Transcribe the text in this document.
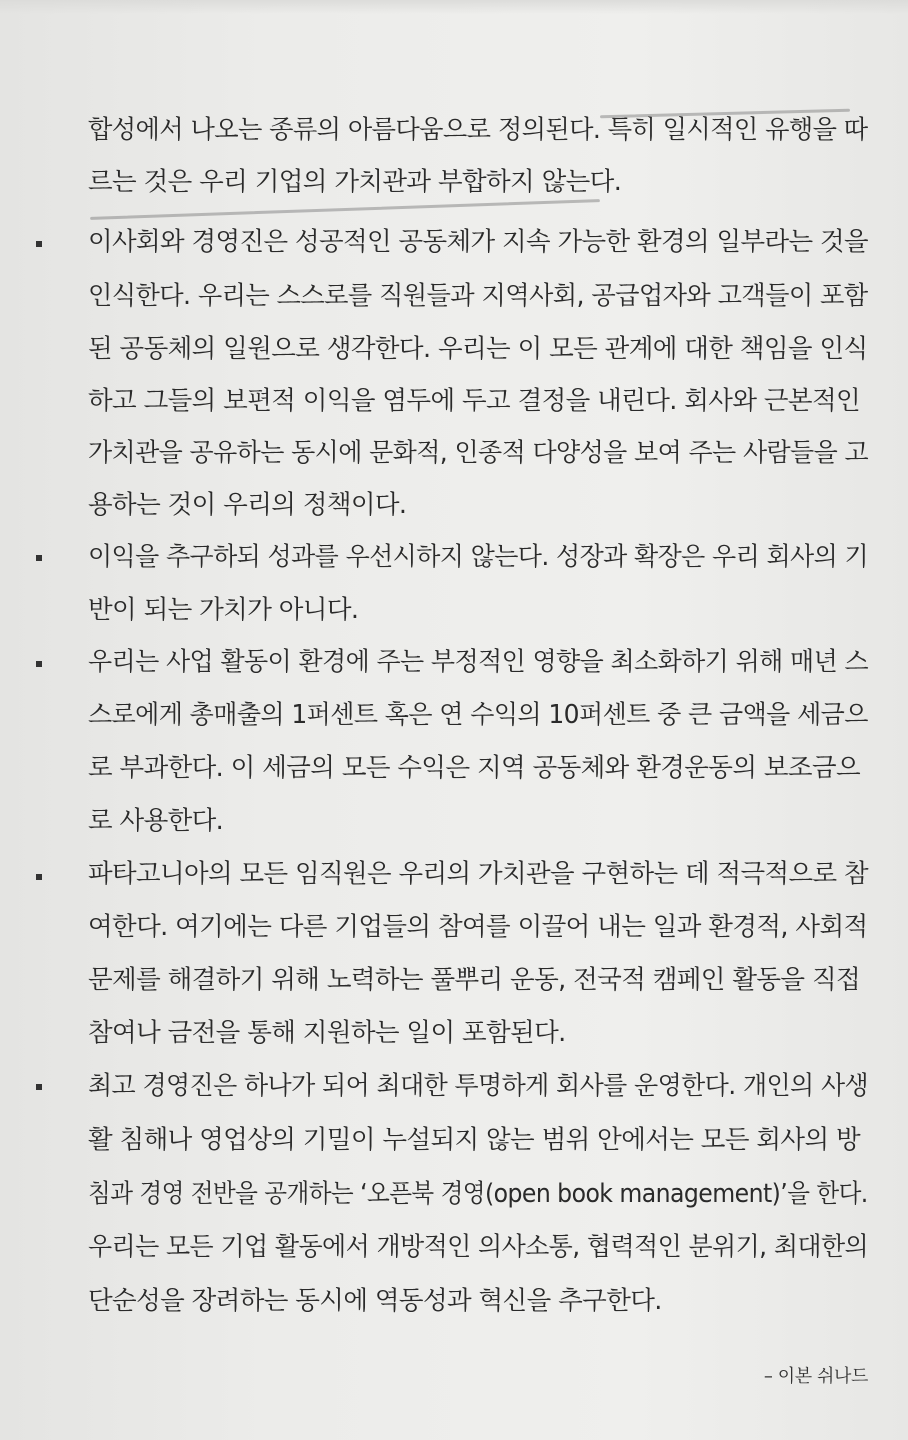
합성에서 나오는 종류의 아름다움으로 정의된다. 특히 일시적인 유행을 따
르는 것은 우리 기업의 가치관과 부합하지 않는다.
이사회와 경영진은 성공적인 공동체가 지속 가능한 환경의 일부라는 것을
인식한다. 우리는 스스로를 직원들과 지역사회, 공급업자와 고객들이 포함
된 공동체의 일원으로 생각한다. 우리는 이 모든 관계에 대한 책임을 인식
하고 그들의 보편적 이익을 염두에 두고 결정을 내린다. 회사와 근본적인
가치관을 공유하는 동시에 문화적, 인종적 다양성을 보여 주는 사람들을 고
용하는 것이 우리의 정책이다.
이익을 추구하되 성과를 우선시하지 않는다. 성장과 확장은 우리 회사의 기
반이 되는 가치가 아니다.
우리는 사업 활동이 환경에 주는 부정적인 영향을 최소화하기 위해 매년 스
스로에게 총매출의 1퍼센트 혹은 연 수익의 10퍼센트 중 큰 금액을 세금으
로 부과한다. 이 세금의 모든 수익은 지역 공동체와 환경운동의 보조금으
로 사용한다.
파타고니아의 모든 임직원은 우리의 가치관을 구현하는 데 적극적으로 참
여한다. 여기에는 다른 기업들의 참여를 이끌어 내는 일과 환경적, 사회적
문제를 해결하기 위해 노력하는 풀뿌리 운동, 전국적 캠페인 활동을 직접
참여나 금전을 통해 지원하는 일이 포함된다.
최고 경영진은 하나가 되어 최대한 투명하게 회사를 운영한다. 개인의 사생
활 침해나 영업상의 기밀이 누설되지 않는 범위 안에서는 모든 회사의 방
침과 경영 전반을 공개하는 ‘오픈북 경영(open book management)’을 한다.
우리는 모든 기업 활동에서 개방적인 의사소통, 협력적인 분위기, 최대한의
단순성을 장려하는 동시에 역동성과 혁신을 추구한다.
– 이본 쉬나드
